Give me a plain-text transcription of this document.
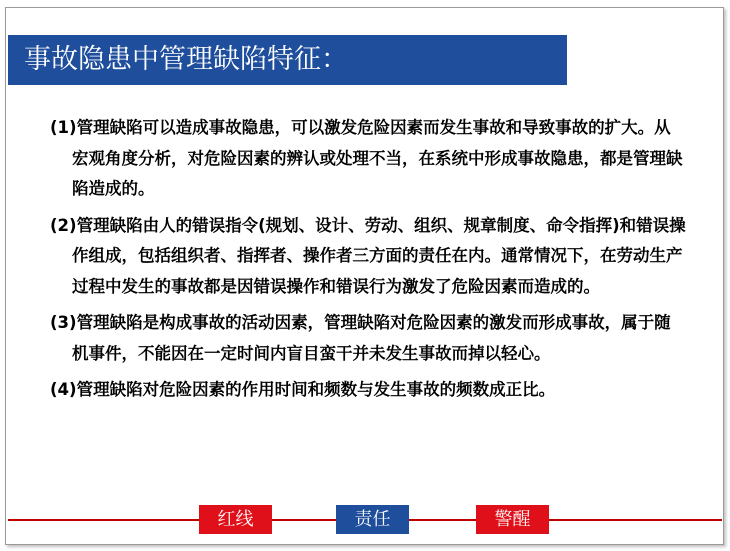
事故隐患中管理缺陷特征：

(1)管理缺陷可以造成事故隐患，可以激发危险因素而发生事故和导致事故的扩大。从宏观角度分析，对危险因素的辨认或处理不当，在系统中形成事故隐患，都是管理缺陷造成的。

(2)管理缺陷由人的错误指令(规划、设计、劳动、组织、规章制度、命令指挥)和错误操作组成，包括组织者、指挥者、操作者三方面的责任在内。通常情况下，在劳动生产过程中发生的事故都是因错误操作和错误行为激发了危险因素而造成的。

(3)管理缺陷是构成事故的活动因素，管理缺陷对危险因素的激发而形成事故，属于随机事件，不能因在一定时间内盲目蛮干并未发生事故而掉以轻心。

(4)管理缺陷对危险因素的作用时间和频数与发生事故的频数成正比。

红线	责任	警醒
